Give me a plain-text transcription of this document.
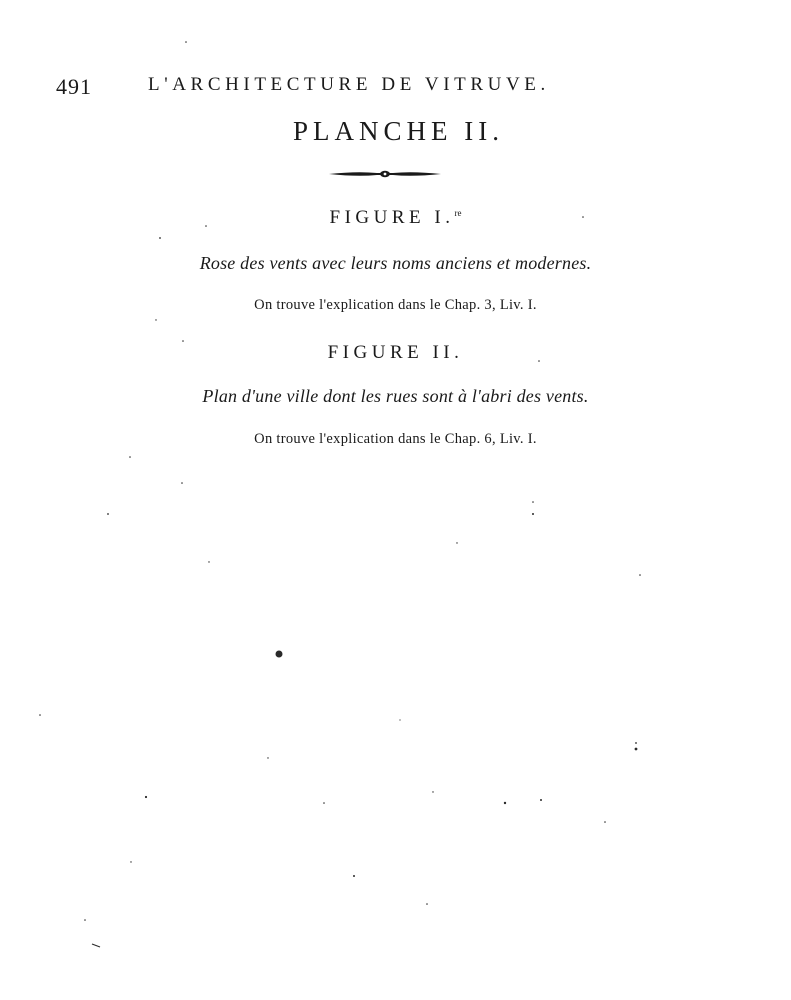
491	L'ARCHITECTURE DE VITRUVE.
PLANCHE II.
FIGURE I.$^{re}$
Rose des vents avec leurs noms anciens et modernes.
On trouve l'explication dans le Chap. 3, Liv. I.
FIGURE II.
Plan d'une ville dont les rues sont à l'abri des vents.
On trouve l'explication dans le Chap. 6, Liv. I.
